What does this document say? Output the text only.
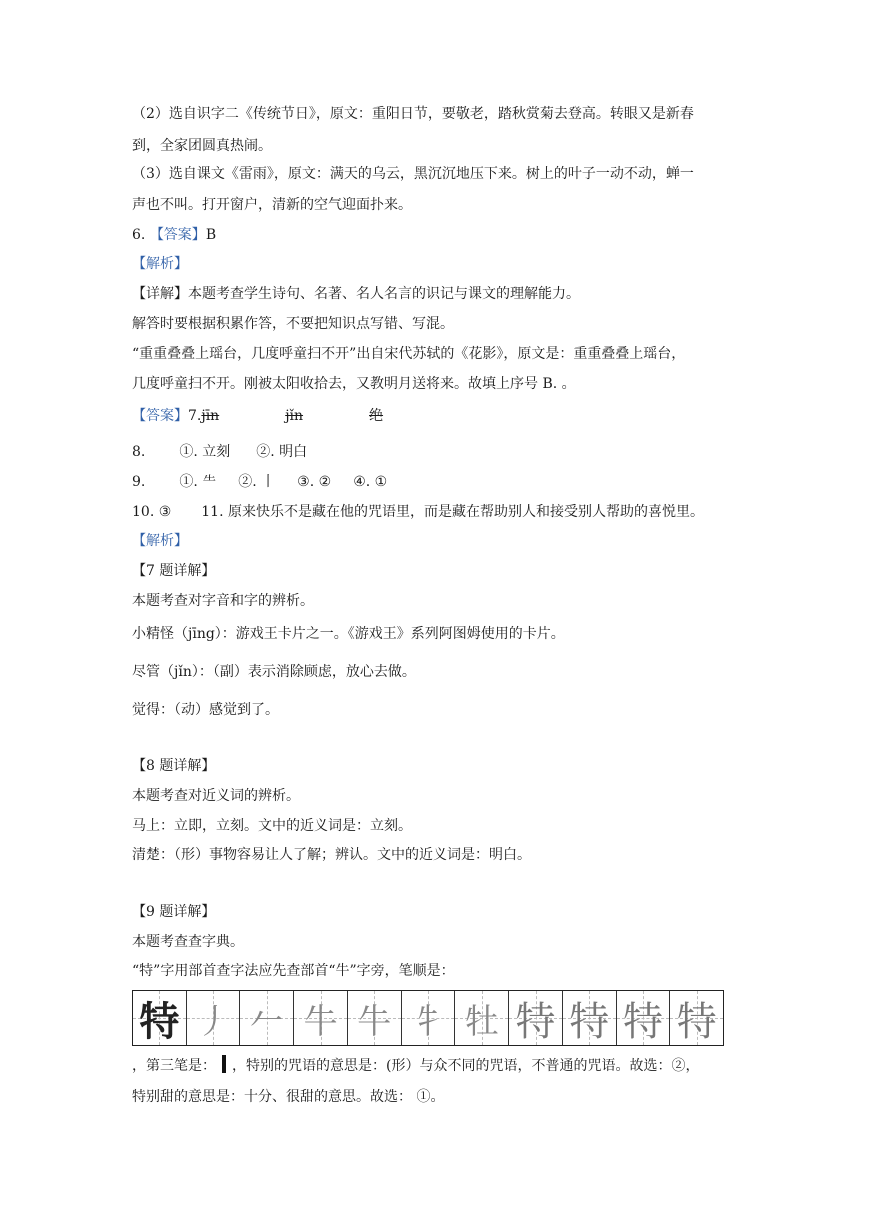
（2）选自识字二《传统节日》，原文：重阳日节，要敬老，踏秋赏菊去登高。转眼又是新春
到，全家团圆真热闹。
（3）选自课文《雷雨》，原文：满天的乌云，黑沉沉地压下来。树上的叶子一动不动，蝉一
声也不叫。打开窗户，清新的空气迎面扑来。
6. 【答案】B
【解析】
【详解】本题考查学生诗句、名著、名人名言的识记与课文的理解能力。
解答时要根据积累作答，不要把知识点写错、写混。
“重重叠叠上瑶台，几度呼童扫不开”出自宋代苏轼的《花影》，原文是：重重叠叠上瑶台，
几度呼童扫不开。刚被太阳收拾去，又教明月送将来。故填上序号 B. 。
【答案】7.jīn	jǐn	绝
8. ①. 立刻 ②. 明白
9. ①. ⺧ ②. 丨 ③. ② ④. ①
10. ③ 11. 原来快乐不是藏在他的咒语里，而是藏在帮助别人和接受别人帮助的喜悦里。
【解析】
【7 题详解】
本题考查对字音和字的辨析。
小精怪（jīng）：游戏王卡片之一。《游戏王》系列阿图姆使用的卡片。
尽管（jǐn）：（副）表示消除顾虑，放心去做。
觉得：（动）感觉到了。
【8 题详解】
本题考查对近义词的辨析。
马上：立即，立刻。文中的近义词是：立刻。
清楚：（形）事物容易让人了解；辨认。文中的近义词是：明白。
【9 题详解】
本题考查查字典。
“特”字用部首查字法应先查部首“牛”字旁，笔顺是：
特 丿 𠂉 牛 牛 牜 牡 特 特 特 特
，第三笔是： ，特别的咒语的意思是：(形）与众不同的咒语，不普通的咒语。故选：②，
特别甜的意思是：十分、很甜的意思。故选： ①。
